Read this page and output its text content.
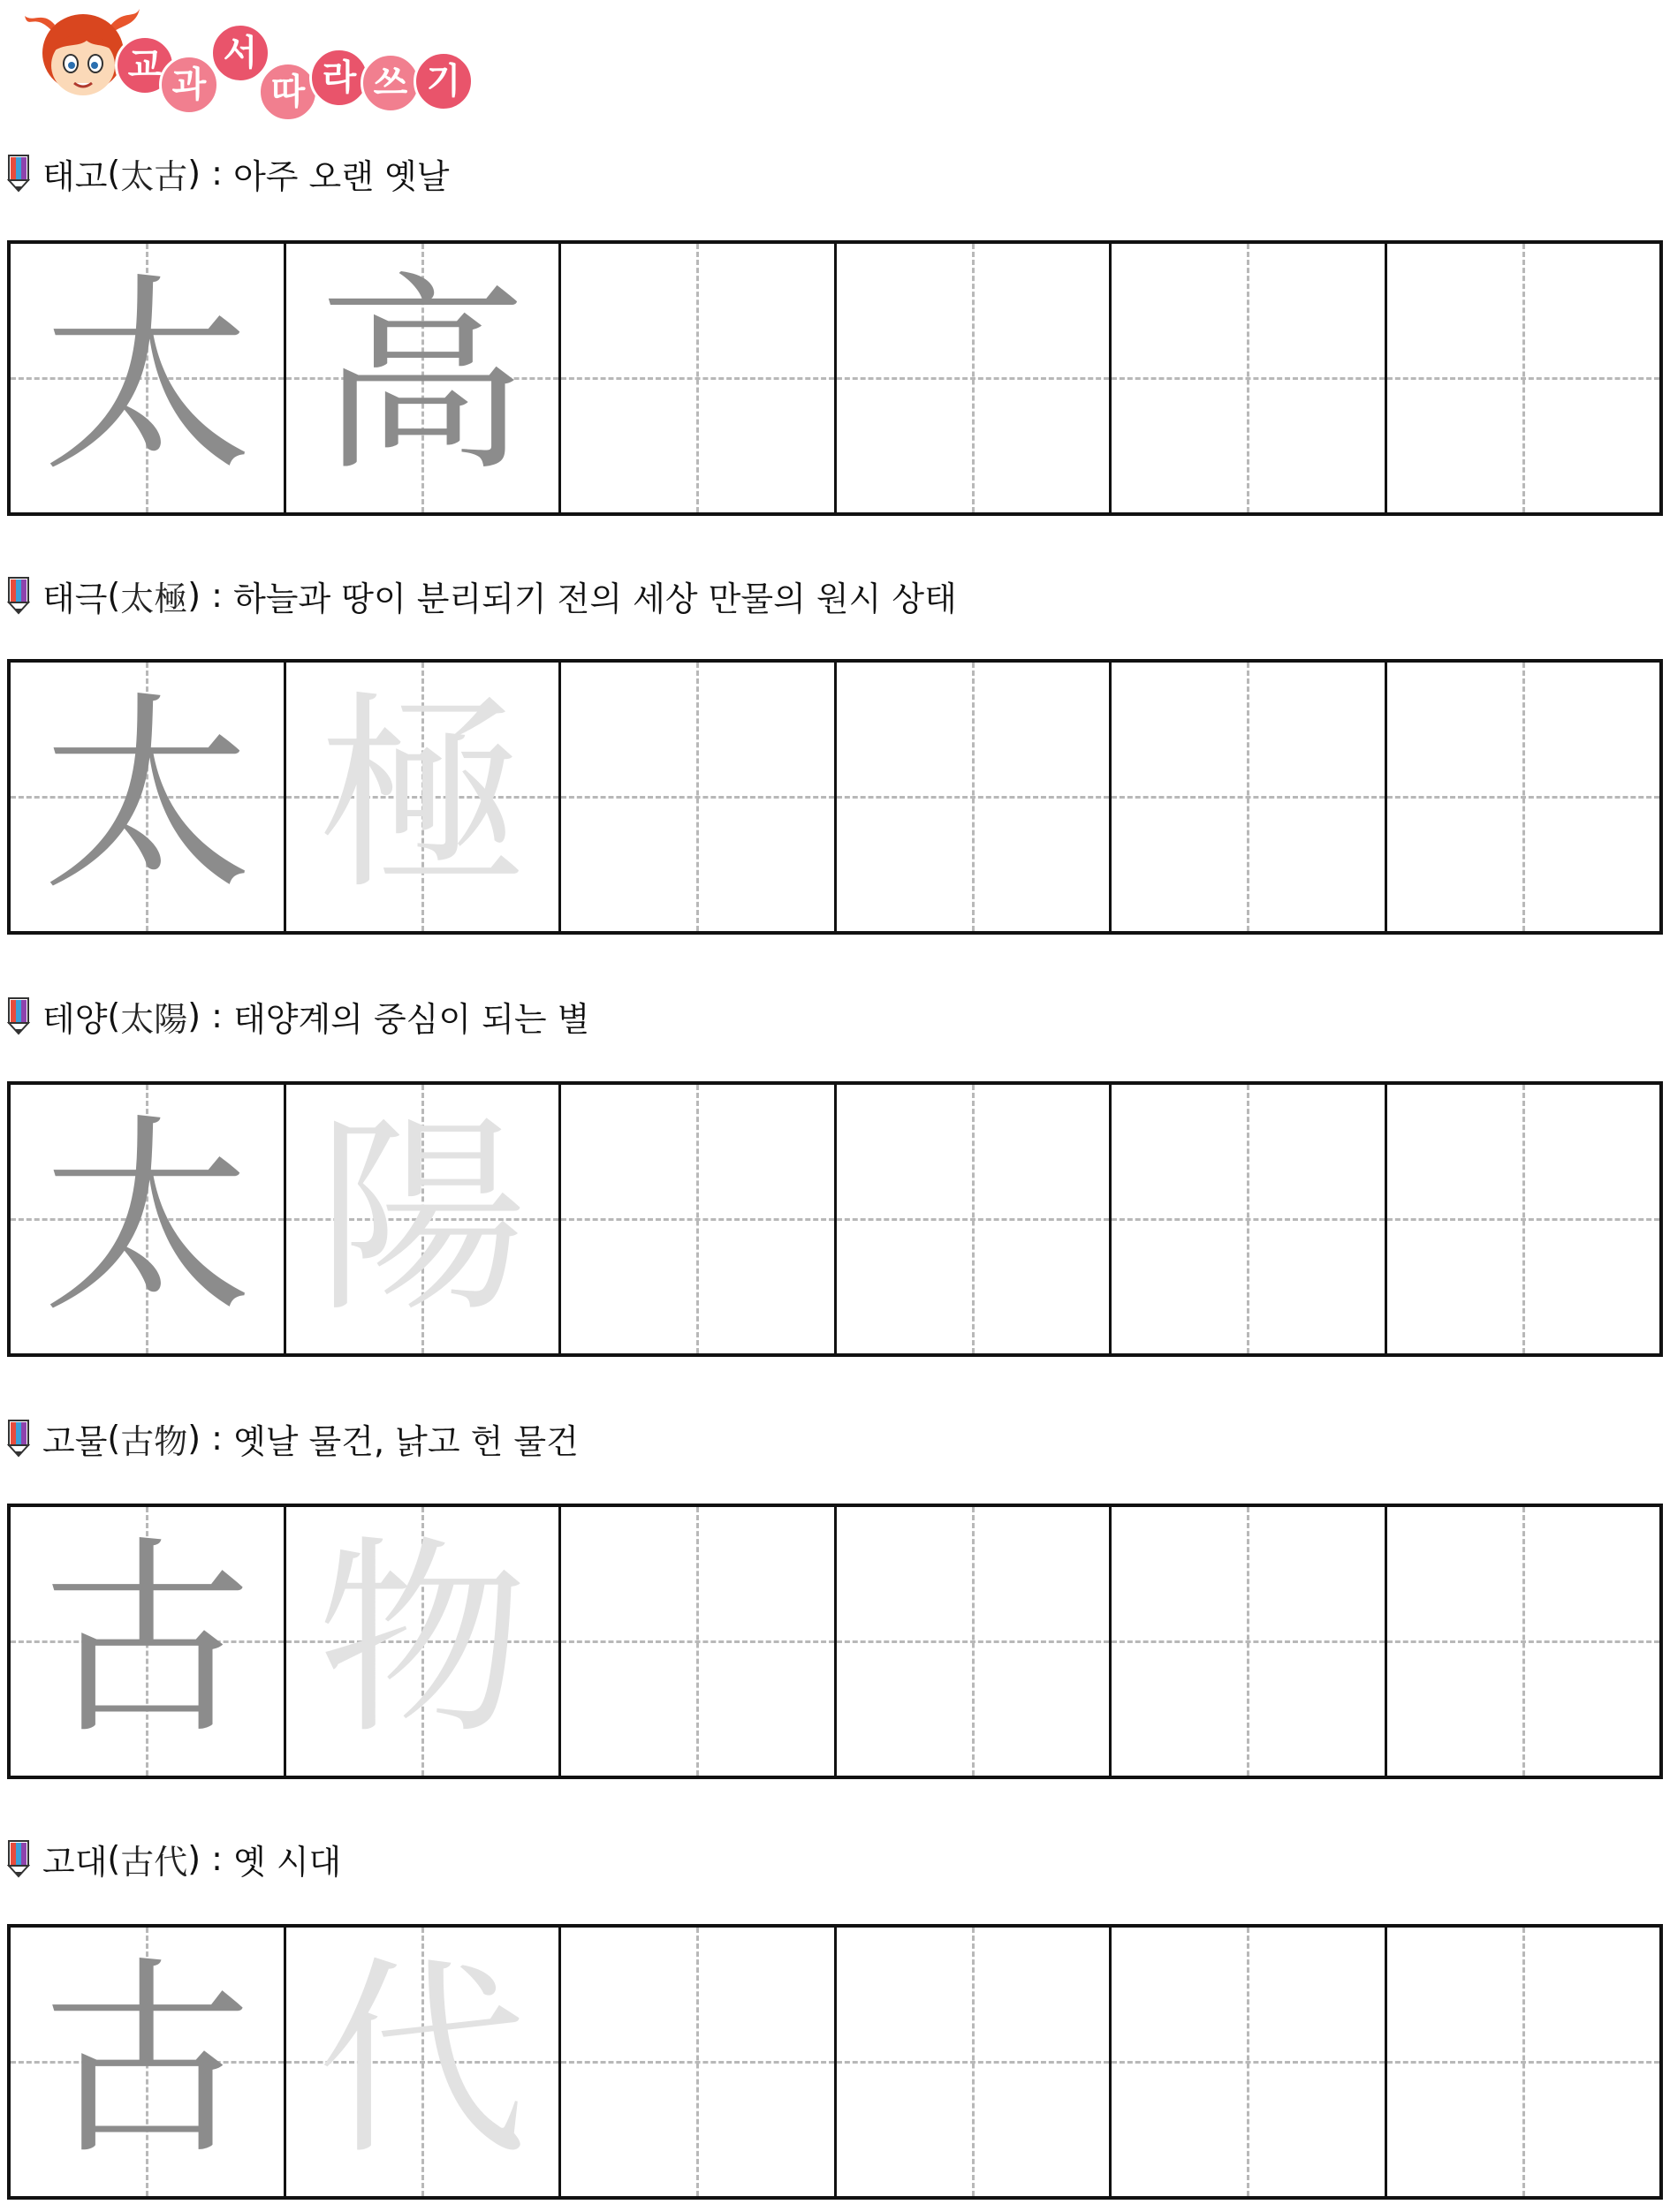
교 과
서
따 라 쓰 기
태고 ( 太古 ) : 아주 오랜 옛날
太 高
태극 ( 太極 ) : 하늘과 땅이 분리되기 전의 세상 만물의 원시 상태
太 極
테양 ( 太陽 ) : 태양계의 중심이 되는 별
太 陽
고물 ( 古物 ) : 옛날 물건, 낡고 헌 물건
古 物
고대 ( 古代 ) : 옛 시대
古 代
